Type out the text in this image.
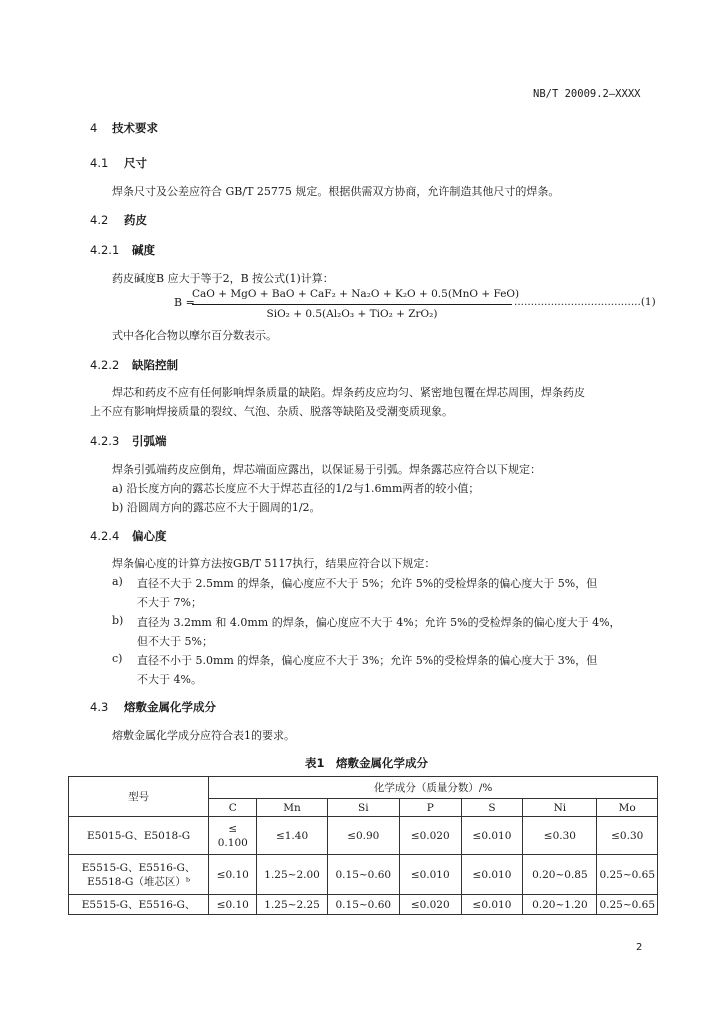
NB/T 20009.2—XXXX
4 技术要求
4.1 尺寸
焊条尺寸及公差应符合 GB/T 25775 规定。根据供需双方协商，允许制造其他尺寸的焊条。
4.2 药皮
4.2.1 碱度
药皮碱度B 应大于等于2，B 按公式(1)计算：
B =
CaO + MgO + BaO + CaF₂ + Na₂O + K₂O + 0.5(MnO + FeO)
SiO₂ + 0.5(Al₂O₃ + TiO₂ + ZrO₂)
......................................(1)
式中各化合物以摩尔百分数表示。
4.2.2 缺陷控制
焊芯和药皮不应有任何影响焊条质量的缺陷。焊条药皮应均匀、紧密地包覆在焊芯周围，焊条药皮
上不应有影响焊接质量的裂纹、气泡、杂质、脱落等缺陷及受潮变质现象。
4.2.3 引弧端
焊条引弧端药皮应倒角，焊芯端面应露出，以保证易于引弧。焊条露芯应符合以下规定：
a) 沿长度方向的露芯长度应不大于焊芯直径的1/2与1.6mm两者的较小值；
b) 沿圆周方向的露芯应不大于圆周的1/2。
4.2.4 偏心度
焊条偏心度的计算方法按GB/T 5117执行，结果应符合以下规定：
a) 直径不大于 2.5mm 的焊条，偏心度应不大于 5%；允许 5%的受检焊条的偏心度大于 5%，但
不大于 7%；
b) 直径为 3.2mm 和 4.0mm 的焊条，偏心度应不大于 4%；允许 5%的受检焊条的偏心度大于 4%，
但不大于 5%；
c) 直径不小于 5.0mm 的焊条，偏心度应不大于 3%；允许 5%的受检焊条的偏心度大于 3%，但
不大于 4%。
4.3 熔敷金属化学成分
熔敷金属化学成分应符合表1的要求。
表1　熔敷金属化学成分
型号	化学成分（质量分数）/%						
	C	Mn	Si	P	S	Ni	Mo
E5015-G、E5018-G	≤
0.100	≤1.40	≤0.90	≤0.020	≤0.010	≤0.30	≤0.30

E5515-G、E5516-G、
E5518-G（堆芯区）ᵇ	≤0.10	1.25~2.00	0.15~0.60	≤0.010	≤0.010	0.20~0.85	0.25~0.65
E5515-G、E5516-G、	≤0.10	1.25~2.25	0.15~0.60	≤0.020	≤0.010	0.20~1.20	0.25~0.65
2
